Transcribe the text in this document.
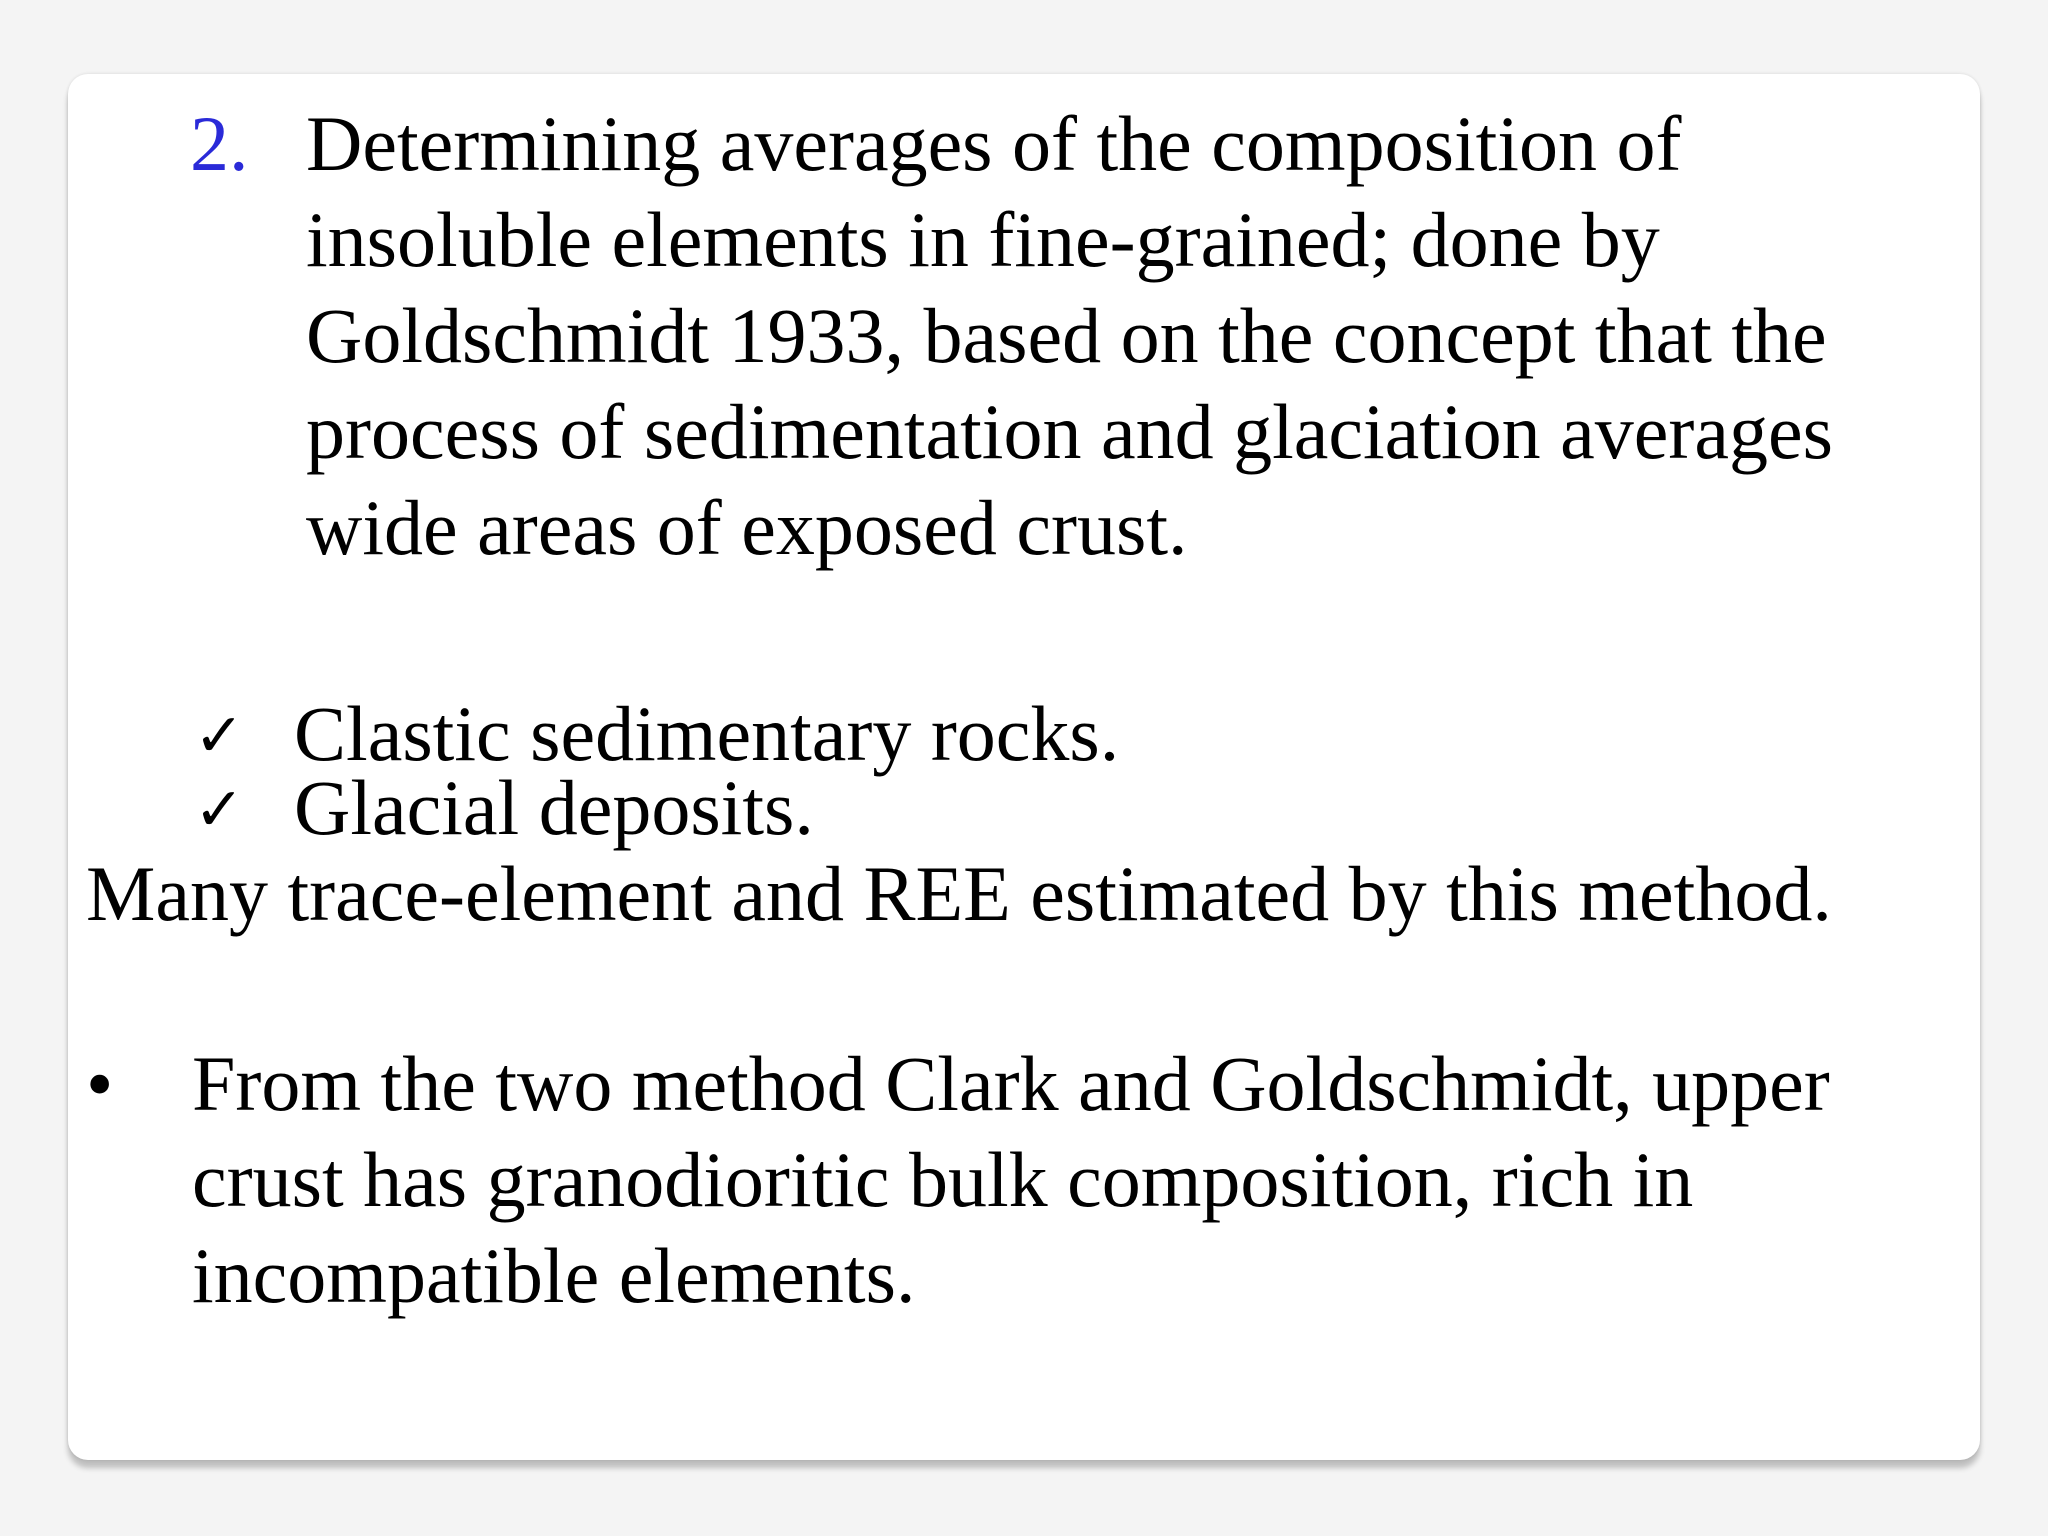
2. Determining averages of the composition of
insoluble elements in fine-grained; done by
Goldschmidt 1933, based on the concept that the
process of sedimentation and glaciation averages
wide areas of exposed crust.
✓ Clastic sedimentary rocks.
✓ Glacial deposits.
Many trace-element and REE estimated by this method.
• From the two method Clark and Goldschmidt, upper
crust has granodioritic bulk composition, rich in
incompatible elements.
